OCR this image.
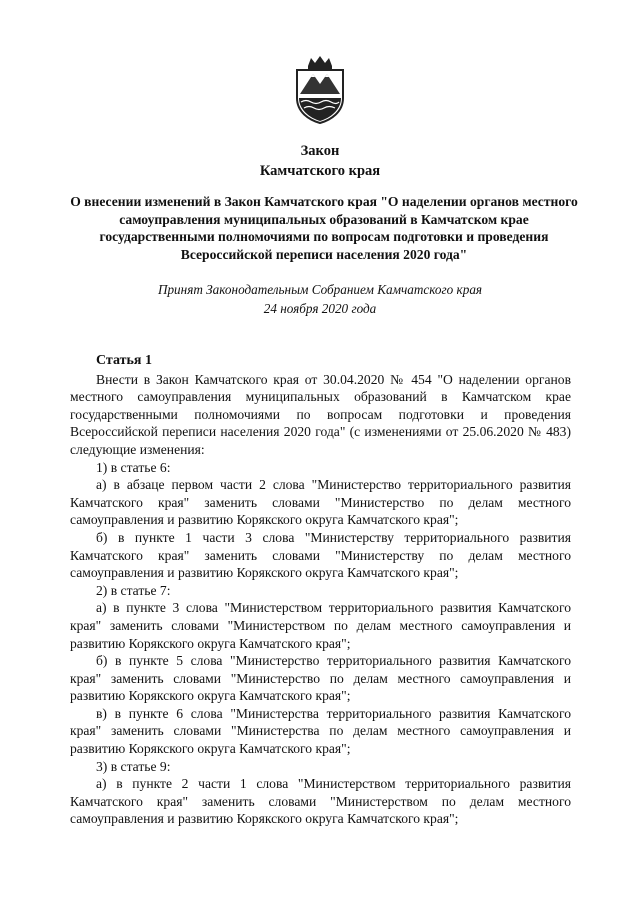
Закон
Камчатского края
О внесении изменений в Закон Камчатского края "О наделении органов местного самоуправления муниципальных образований в Камчатском крае государственными полномочиями по вопросам подготовки и проведения Всероссийской переписи населения 2020 года"
Принят Законодательным Собранием Камчатского края
24 ноября 2020 года

Статья 1

Внести в Закон Камчатского края от 30.04.2020 № 454 "О наделении органов местного самоуправления муниципальных образований в Камчатском крае государственными полномочиями по вопросам подготовки и проведения Всероссийской переписи населения 2020 года" (с изменениями от 25.06.2020 № 483) следующие изменения:

1) в статье 6:

а) в абзаце первом части 2 слова "Министерство территориального развития Камчатского края" заменить словами "Министерство по делам местного самоуправления и развитию Корякского округа Камчатского края";

б) в пункте 1 части 3 слова "Министерству территориального развития Камчатского края" заменить словами "Министерству по делам местного самоуправления и развитию Корякского округа Камчатского края";

2) в статье 7:

а) в пункте 3 слова "Министерством территориального развития Камчатского края" заменить словами "Министерством по делам местного самоуправления и развитию Корякского округа Камчатского края";

б) в пункте 5 слова "Министерство территориального развития Камчатского края" заменить словами "Министерство по делам местного самоуправления и развитию Корякского округа Камчатского края";

в) в пункте 6 слова "Министерства территориального развития Камчатского края" заменить словами "Министерства по делам местного самоуправления и развитию Корякского округа Камчатского края";

3) в статье 9:

а) в пункте 2 части 1 слова "Министерством территориального развития Камчатского края" заменить словами "Министерством по делам местного самоуправления и развитию Корякского округа Камчатского края";
